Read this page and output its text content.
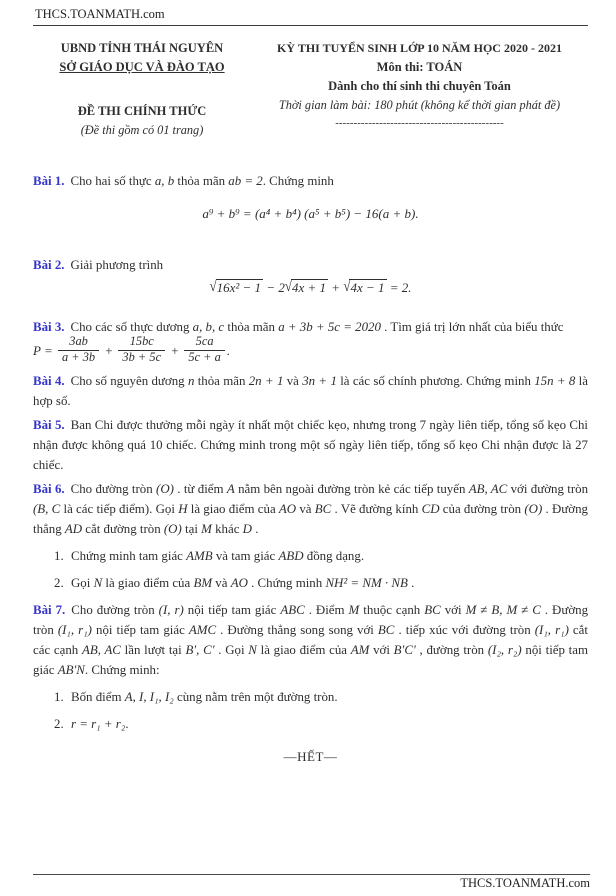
THCS.TOANMATH.com
UBND TỈNH THÁI NGUYÊN
SỞ GIÁO DỤC VÀ ĐÀO TẠO
ĐỀ THI CHÍNH THỨC
(Đề thi gồm có 01 trang)
KỲ THI TUYỂN SINH LỚP 10 NĂM HỌC 2020 - 2021
Môn thi: TOÁN
Dành cho thí sinh thi chuyên Toán
Thời gian làm bài: 180 phút (không kể thời gian phát đề)
----------------------------------------------

Bài 1. Cho hai số thực a, b thỏa mãn ab = 2. Chứng minh

a⁹ + b⁹ = (a⁴ + b⁴) (a⁵ + b⁵) − 16(a + b).

Bài 2. Giải phương trình

√16x² − 1 − 2√4x + 1 + √4x − 1 = 2.

Bài 3. Cho các số thực dương a, b, c thỏa mãn a + 3b + 5c = 2020 . Tìm giá trị lớn nhất của biểu thức

$P = \frac{3ab}{a + 3b} + \frac{15bc}{3b + 5c} + \frac{5ca}{5c + a}$ .

Bài 4. Cho số nguyên dương n thỏa mãn 2n + 1 và 3n + 1 là các số chính phương. Chứng minh 15n + 8 là hợp số.

Bài 5. Ban Chi được thưởng mỗi ngày ít nhất một chiếc kẹo, nhưng trong 7 ngày liên tiếp, tổng số kẹo Chi nhận được không quá 10 chiếc. Chứng minh trong một số ngày liên tiếp, tổng số kẹo Chi nhận được là 27 chiếc.

Bài 6. Cho đường tròn (O) . từ điểm A nằm bên ngoài đường tròn kẻ các tiếp tuyến AB, AC với đường tròn (B, C là các tiếp điểm). Gọi H là giao điểm của AO và BC . Vẽ đường kính CD của đường tròn (O) . Đường thẳng AD cắt đường tròn (O) tại M khác D .

1. Chứng minh tam giác AMB và tam giác ABD đồng dạng.
2. Gọi N là giao điểm của BM và AO . Chứng minh NH² = NM · NB .

Bài 7. Cho đường tròn (I, r) nội tiếp tam giác ABC . Điểm M thuộc cạnh BC với M ≠ B, M ≠ C . Đường tròn (I₁, r₁) nội tiếp tam giác AMC . Đường thẳng song song với BC . tiếp xúc với đường tròn (I₁, r₁) cắt các cạnh AB, AC lần lượt tại B′, C′ . Gọi N là giao điểm của AM với B′C′ , đường tròn (I₂, r₂) nội tiếp tam giác AB′N. Chứng minh:

1. Bốn điểm A, I, I₁, I₂ cùng nằm trên một đường tròn.
2. r = r₁ + r₂.
—HẾT—
THCS.TOANMATH.com
